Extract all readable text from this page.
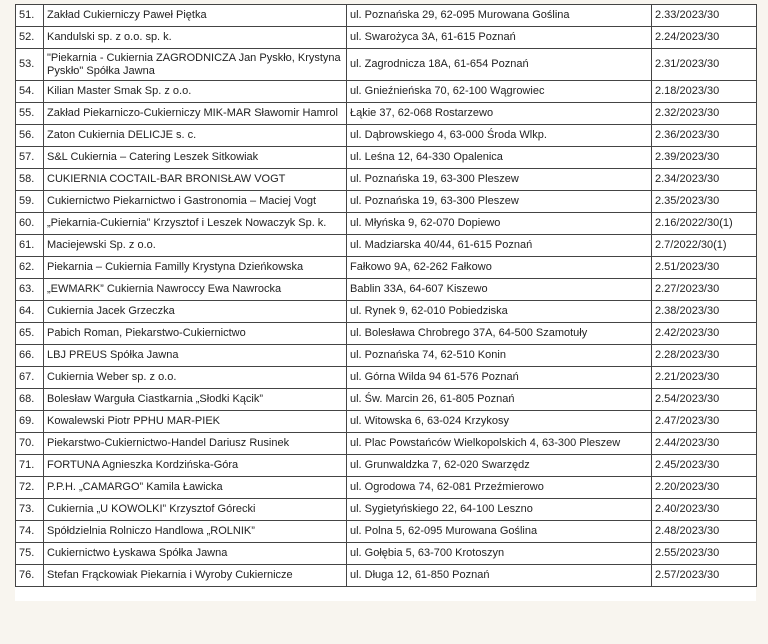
51.	Zakład Cukierniczy Paweł Piętka	ul. Poznańska 29, 62-095 Murowana Goślina	2.33/2023/30
52.	Kandulski sp. z o.o. sp. k.	ul. Swarożyca 3A, 61-615 Poznań	2.24/2023/30
53.	"Piekarnia - Cukiernia ZAGRODNICZA Jan Pyskło, Krystyna Pyskło" Spółka Jawna	ul. Zagrodnicza 18A, 61-654 Poznań	2.31/2023/30
54.	Kilian Master Smak Sp. z o.o.	ul. Gnieźnieńska 70, 62-100 Wągrowiec	2.18/2023/30
55.	Zakład Piekarniczo-Cukierniczy MIK-MAR Sławomir Hamrol	Łąkie 37, 62-068 Rostarzewo	2.32/2023/30
56.	Zaton Cukiernia DELICJE s. c.	ul. Dąbrowskiego 4, 63-000 Środa Wlkp.	2.36/2023/30
57.	S&L Cukiernia – Catering Leszek Sitkowiak	ul. Leśna 12, 64-330 Opalenica	2.39/2023/30
58.	CUKIERNIA COCTAIL-BAR BRONISŁAW VOGT	ul. Poznańska 19, 63-300 Pleszew	2.34/2023/30
59.	Cukiernictwo Piekarnictwo i Gastronomia – Maciej Vogt	ul. Poznańska 19, 63-300 Pleszew	2.35/2023/30
60.	„Piekarnia-Cukiernia” Krzysztof i Leszek Nowaczyk Sp. k.	ul. Młyńska 9, 62-070 Dopiewo	2.16/2022/30(1)
61.	Maciejewski Sp. z o.o.	ul. Madziarska 40/44, 61-615 Poznań	2.7/2022/30(1)
62.	Piekarnia – Cukiernia Familly Krystyna Dzieńkowska	Fałkowo 9A, 62-262 Fałkowo	2.51/2023/30
63.	„EWMARK” Cukiernia Nawroccy Ewa Nawrocka	Bablin 33A, 64-607 Kiszewo	2.27/2023/30
64.	Cukiernia Jacek Grzeczka	ul. Rynek 9, 62-010 Pobiedziska	2.38/2023/30
65.	Pabich Roman, Piekarstwo-Cukiernictwo	ul. Bolesława Chrobrego 37A, 64-500 Szamotuły	2.42/2023/30
66.	LBJ PREUS Spółka Jawna	ul. Poznańska 74, 62-510 Konin	2.28/2023/30
67.	Cukiernia Weber sp. z o.o.	ul. Górna Wilda 94 61-576 Poznań	2.21/2023/30
68.	Bolesław Warguła Ciastkarnia „Słodki Kącik”	ul. Św. Marcin 26, 61-805 Poznań	2.54/2023/30
69.	Kowalewski Piotr PPHU MAR-PIEK	ul. Witowska 6, 63-024 Krzykosy	2.47/2023/30
70.	Piekarstwo-Cukiernictwo-Handel Dariusz Rusinek	ul. Plac Powstańców Wielkopolskich 4, 63-300 Pleszew	2.44/2023/30
71.	FORTUNA Agnieszka Kordzińska-Góra	ul. Grunwaldzka 7, 62-020 Swarzędz	2.45/2023/30
72.	P.P.H. „CAMARGO” Kamila Ławicka	ul. Ogrodowa 74, 62-081 Przeźmierowo	2.20/2023/30
73.	Cukiernia „U KOWOLKI” Krzysztof Górecki	ul. Sygietyńskiego 22, 64-100 Leszno	2.40/2023/30
74.	Spółdzielnia Rolniczo Handlowa „ROLNIK”	ul. Polna 5, 62-095 Murowana Goślina	2.48/2023/30
75.	Cukiernictwo Łyskawa Spółka Jawna	ul. Gołębia 5, 63-700 Krotoszyn	2.55/2023/30
76.	Stefan Frąckowiak Piekarnia i Wyroby Cukiernicze	ul. Długa 12, 61-850 Poznań	2.57/2023/30
